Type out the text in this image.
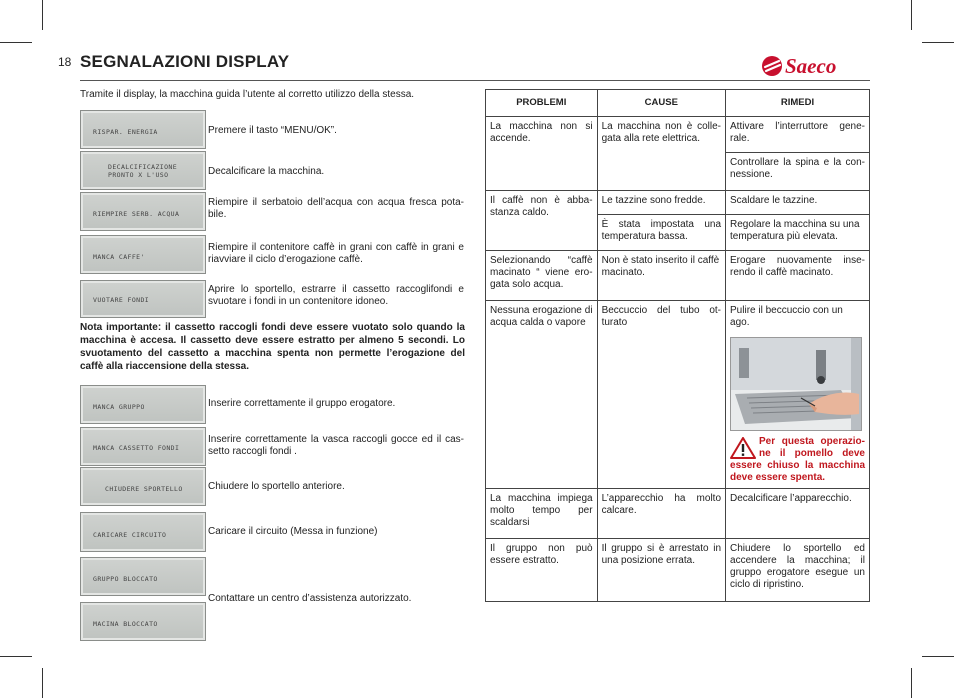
18 SEGNALAZIONI DISPLAY	Saeco
Tramite il display, la macchina guida l’utente al corretto utilizzo della stessa.
RISPAR. ENERGIA	Premere il tasto “MENU/OK”.
DECALCIFICAZIONE
PRONTO X L'USO	Decalcificare la macchina.
RIEMPIRE SERB. ACQUA
Riempire il serbatoio dell’acqua con acqua fresca pota-bile.
MANCA CAFFE'
Riempire il contenitore caffè in grani con caffè in grani e riavviare il ciclo d’erogazione caffè.
VUOTARE FONDI
Aprire lo sportello, estrarre il cassetto raccoglifondi e svuotare i fondi in un contenitore idoneo.
Nota importante: il cassetto raccogli fondi deve essere vuotato solo quando la macchina è accesa. Il cassetto deve essere estratto per almeno 5 secondi. Lo svuotamento del cassetto a macchina spenta non permette l’erogazione del caffè alla riaccensione della stessa.
MANCA GRUPPO	Inserire correttamente il gruppo erogatore.
MANCA CASSETTO FONDI
Inserire correttamente la vasca raccogli gocce ed il cas-setto raccogli fondi .
CHIUDERE SPORTELLO	Chiudere lo sportello anteriore.
CARICARE CIRCUITO	Caricare il circuito (Messa in funzione)
GRUPPO BLOCCATO
MACINA BLOCCATO
Contattare un centro d’assistenza autorizzato.
PROBLEMI	CAUSE	RIMEDI
La macchina non si accende.	La macchina non è colle-gata alla rete elettrica.	Attivare l’interruttore gene-rale.
		Controllare la spina e la con-nessione.
Il caffè non è abba-stanza caldo.	Le tazzine sono fredde.	Scaldare le tazzine.
	È stata impostata una temperatura bassa.	Regolare la macchina su una temperatura più elevata.
Selezionando “caffè macinato “ viene ero-gata solo acqua.	Non è stato inserito il caffè macinato.	Erogare nuovamente inse-rendo il caffè macinato.
Nessuna erogazione di acqua calda o vapore	Beccuccio del tubo ot-turato	Pulire il beccuccio con un ago.
Per questa operazio-ne il pomello deve essere chiuso la macchina deve essere spenta.

La macchina impiega molto tempo per scaldarsi	L’apparecchio ha molto calcare.	Decalcificare l’apparecchio.
Il gruppo non può essere estratto.	Il gruppo si è arrestato in una posizione errata.	Chiudere lo sportello ed accendere la macchina; il gruppo erogatore esegue un ciclo di ripristino.
